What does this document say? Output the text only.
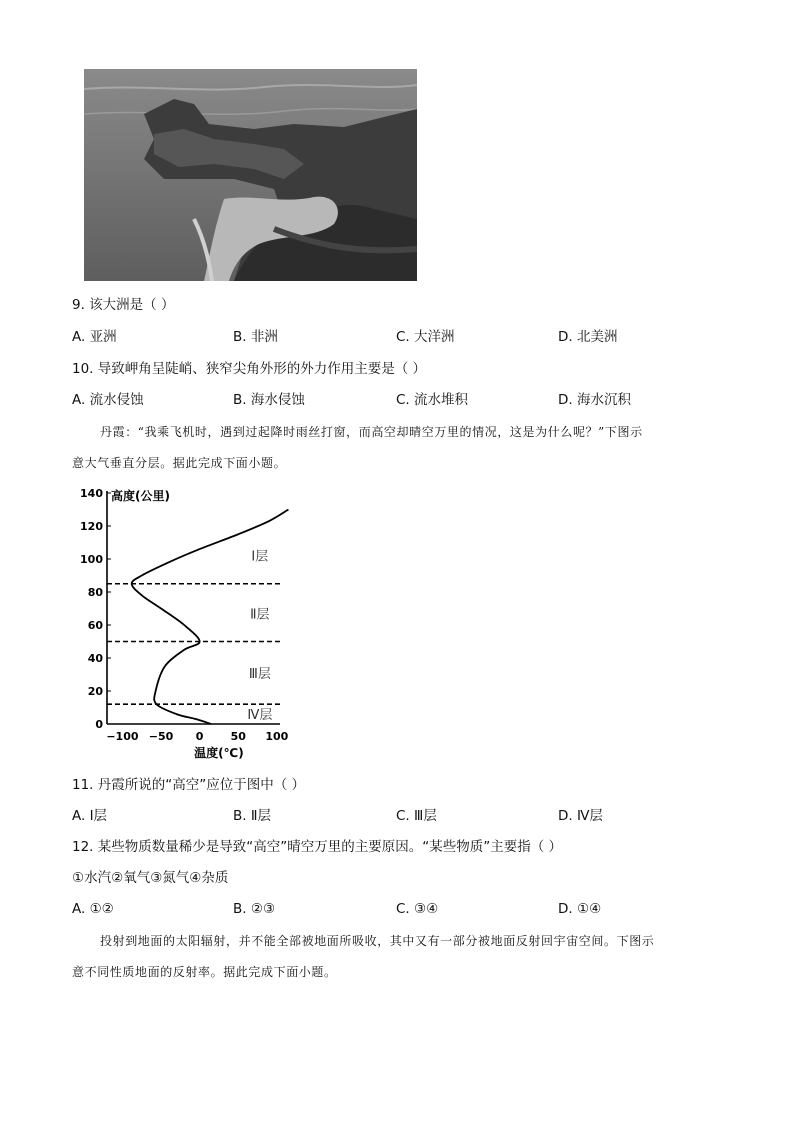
9. 该大洲是（ ）
A. 亚洲	B. 非洲	C. 大洋洲	D. 北美洲
10. 导致岬角呈陡峭、狭窄尖角外形的外力作用主要是（ ）
A. 流水侵蚀	B. 海水侵蚀	C. 流水堆积	D. 海水沉积
丹霞：“我乘飞机时，遇到过起降时雨丝打窗，而高空却晴空万里的情况，这是为什么呢？”下图示
意大气垂直分层。据此完成下面小题。
0
20
40
60
80
100
120
140 高度(公里)
−100 −50 0 50 100
温度(℃)
Ⅰ层
Ⅱ层
Ⅲ层
Ⅳ层
11. 丹霞所说的“高空”应位于图中（ ）
A. Ⅰ层	B. Ⅱ层	C. Ⅲ层	D. Ⅳ层
12. 某些物质数量稀少是导致“高空”晴空万里的主要原因。“某些物质”主要指（ ）
①水汽②氧气③氮气④杂质
A. ①②	B. ②③	C. ③④	D. ①④
投射到地面的太阳辐射，并不能全部被地面所吸收，其中又有一部分被地面反射回宇宙空间。下图示
意不同性质地面的反射率。据此完成下面小题。
